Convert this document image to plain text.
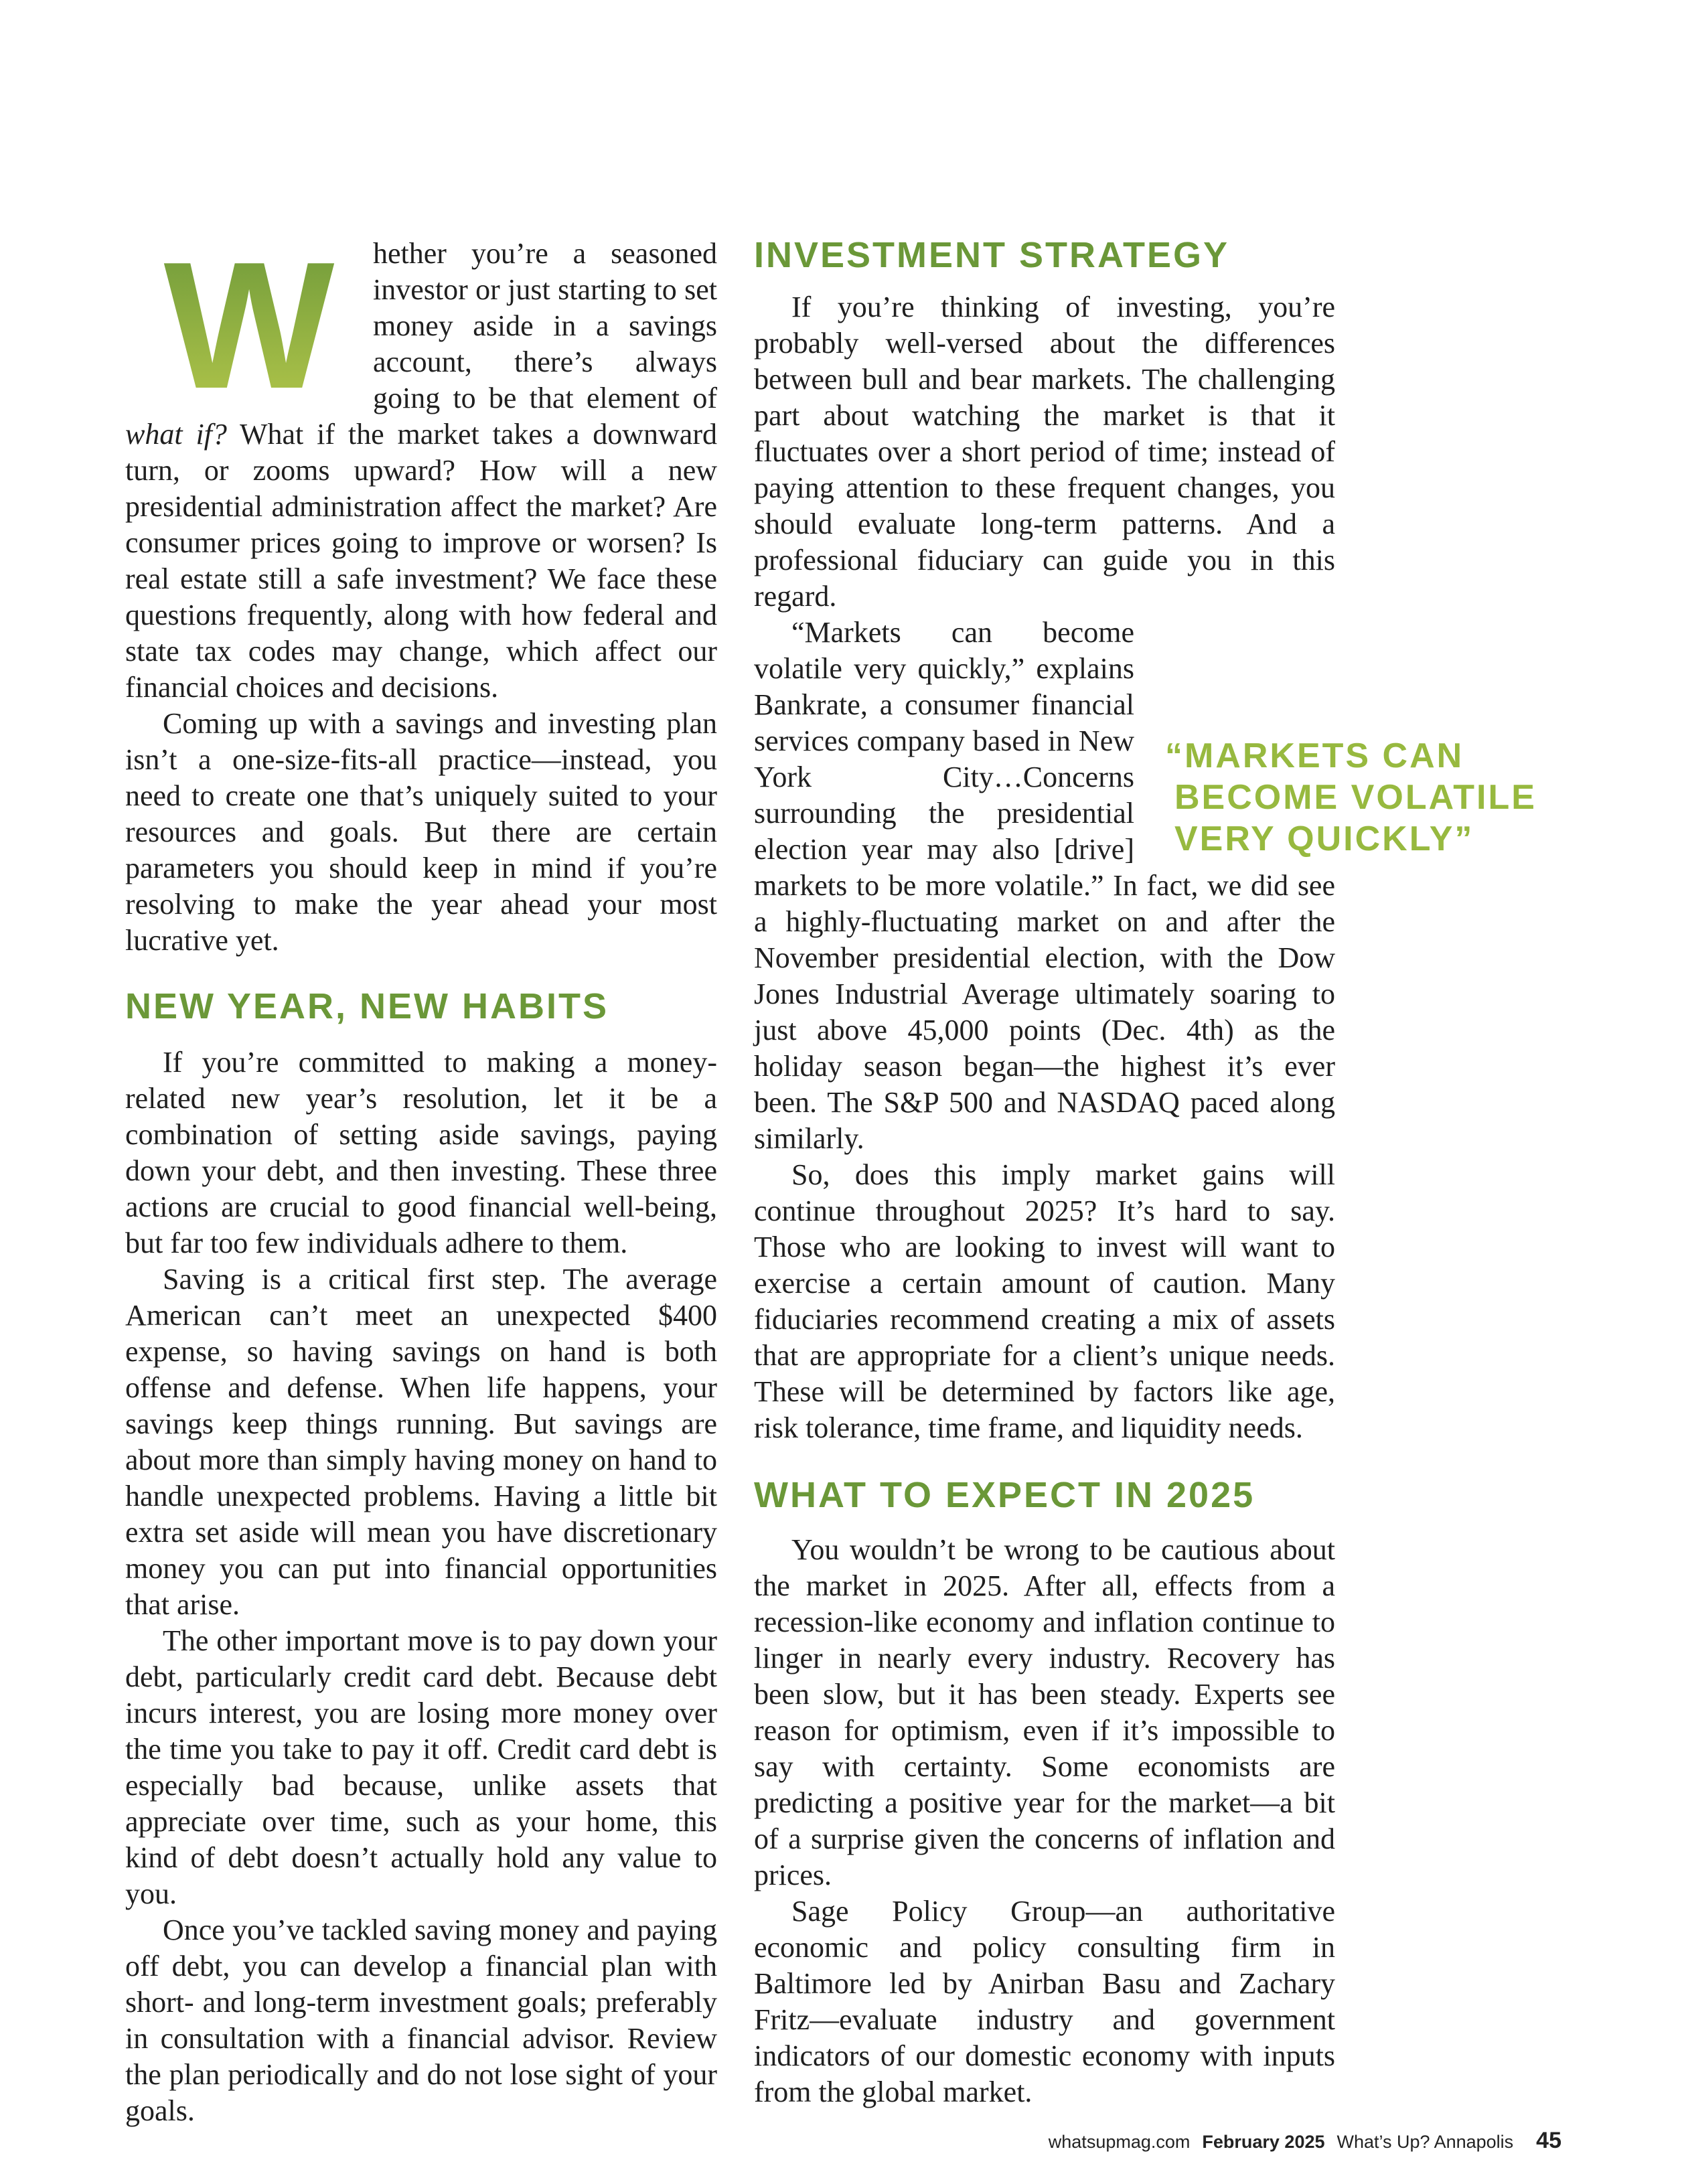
W	hether you’re a seasoned investor or just starting to set money aside in a savings account, there’s always going to be that element of what if? What if the market takes a downward turn, or zooms upward? How will a new presidential administration affect the market? Are consumer prices going to improve or worsen? Is real estate still a safe investment? We face these questions frequently, along with how federal and state tax codes may change, which affect our financial choices and decisions.

Coming up with a savings and investing plan isn’t a one-size-fits-all practice—instead, you need to create one that’s uniquely suited to your resources and goals. But there are certain parameters you should keep in mind if you’re resolving to make the year ahead your most lucrative yet.

NEW YEAR, NEW HABITS

If you’re committed to making a money-related new year’s resolution, let it be a combination of setting aside savings, paying down your debt, and then investing. These three actions are crucial to good financial well-being, but far too few individuals adhere to them.

Saving is a critical first step. The average American can’t meet an unexpected $400 expense, so having savings on hand is both offense and defense. When life happens, your savings keep things running. But savings are about more than simply having money on hand to handle unexpected problems. Having a little bit extra set aside will mean you have discretionary money you can put into financial opportunities that arise.

The other important move is to pay down your debt, particularly credit card debt. Because debt incurs interest, you are losing more money over the time you take to pay it off. Credit card debt is especially bad because, unlike assets that appreciate over time, such as your home, this kind of debt doesn’t actually hold any value to you.

Once you’ve tackled saving money and paying off debt, you can develop a financial plan with short- and long-term investment goals; preferably in consultation with a financial advisor. Review the plan periodically and do not lose sight of your goals.

INVESTMENT STRATEGY

If you’re thinking of investing, you’re probably well-versed about the differences between bull and bear markets. The challenging part about watching the market is that it fluctuates over a short period of time; instead of paying attention to these frequent changes, you should evaluate long-term patterns. And a professional fiduciary can guide you in this regard.

“Markets can become volatile very quickly,” explains Bankrate, a consumer financial services company based in New York City…Concerns surrounding the presidential election year may also [drive] markets to be more volatile.” In fact, we did see a highly-fluctuating market on and after the November presidential election, with the Dow Jones Industrial Average ultimately soaring to just above 45,000 points (Dec. 4th) as the holiday season began—the highest it’s ever been. The S&P 500 and NASDAQ paced along similarly.

So, does this imply market gains will continue throughout 2025? It’s hard to say. Those who are looking to invest will want to exercise a certain amount of caution. Many fiduciaries recommend creating a mix of assets that are appropriate for a client’s unique needs. These will be determined by factors like age, risk tolerance, time frame, and liquidity needs.

WHAT TO EXPECT IN 2025

You wouldn’t be wrong to be cautious about the market in 2025. After all, effects from a recession-like economy and inflation continue to linger in nearly every industry. Recovery has been slow, but it has been steady. Experts see reason for optimism, even if it’s impossible to say with certainty. Some economists are predicting a positive year for the market—a bit of a surprise given the concerns of inflation and prices.

Sage Policy Group—an authoritative economic and policy consulting firm in Baltimore led by Anirban Basu and Zachary Fritz—evaluate industry and government indicators of our domestic economy with inputs from the global market.

“MARKETS CAN
BECOME VOLATILE
VERY QUICKLY”
whatsupmag.com February 2025 What’s Up? Annapolis 45
